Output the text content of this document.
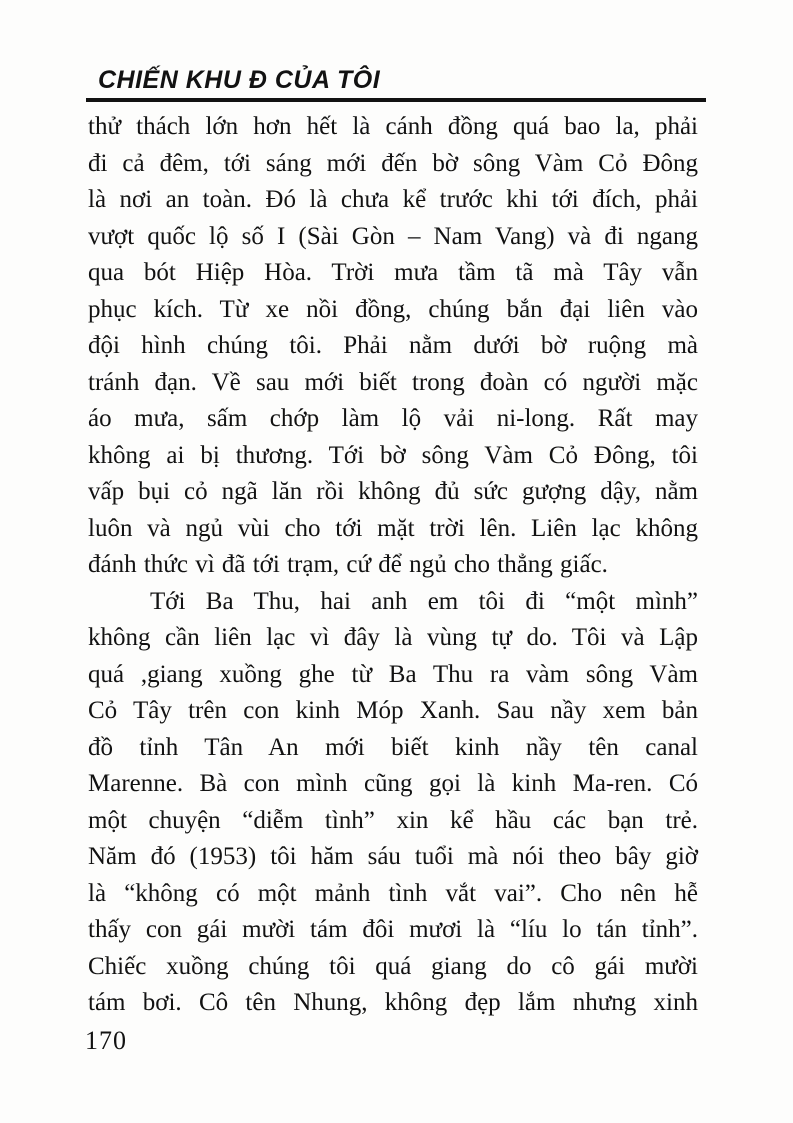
CHIẾN KHU Đ CỦA TÔI
thử thách lớn hơn hết là cánh đồng quá bao la, phải
đi cả đêm, tới sáng mới đến bờ sông Vàm Cỏ Đông
là nơi an toàn. Đó là chưa kể trước khi tới đích, phải
vượt quốc lộ số I (Sài Gòn – Nam Vang) và đi ngang
qua bót Hiệp Hòa. Trời mưa tầm tã mà Tây vẫn
phục kích. Từ xe nồi đồng, chúng bắn đại liên vào
đội hình chúng tôi. Phải nằm dưới bờ ruộng mà
tránh đạn. Về sau mới biết trong đoàn có người mặc
áo mưa, sấm chớp làm lộ vải ni-long. Rất may
không ai bị thương. Tới bờ sông Vàm Cỏ Đông, tôi
vấp bụi cỏ ngã lăn rồi không đủ sức gượng dậy, nằm
luôn và ngủ vùi cho tới mặt trời lên. Liên lạc không
đánh thức vì đã tới trạm, cứ để ngủ cho thẳng giấc.
Tới Ba Thu, hai anh em tôi đi “một mình”
không cần liên lạc vì đây là vùng tự do. Tôi và Lập
quá ,giang xuồng ghe từ Ba Thu ra vàm sông Vàm
Cỏ Tây trên con kinh Móp Xanh. Sau nầy xem bản
đồ tỉnh Tân An mới biết kinh nầy tên canal
Marenne. Bà con mình cũng gọi là kinh Ma-ren. Có
một chuyện “diễm tình” xin kể hầu các bạn trẻ.
Năm đó (1953) tôi hăm sáu tuổi mà nói theo bây giờ
là “không có một mảnh tình vắt vai”. Cho nên hễ
thấy con gái mười tám đôi mươi là “líu lo tán tỉnh”.
Chiếc xuồng chúng tôi quá giang do cô gái mười
tám bơi. Cô tên Nhung, không đẹp lắm nhưng xinh
170
